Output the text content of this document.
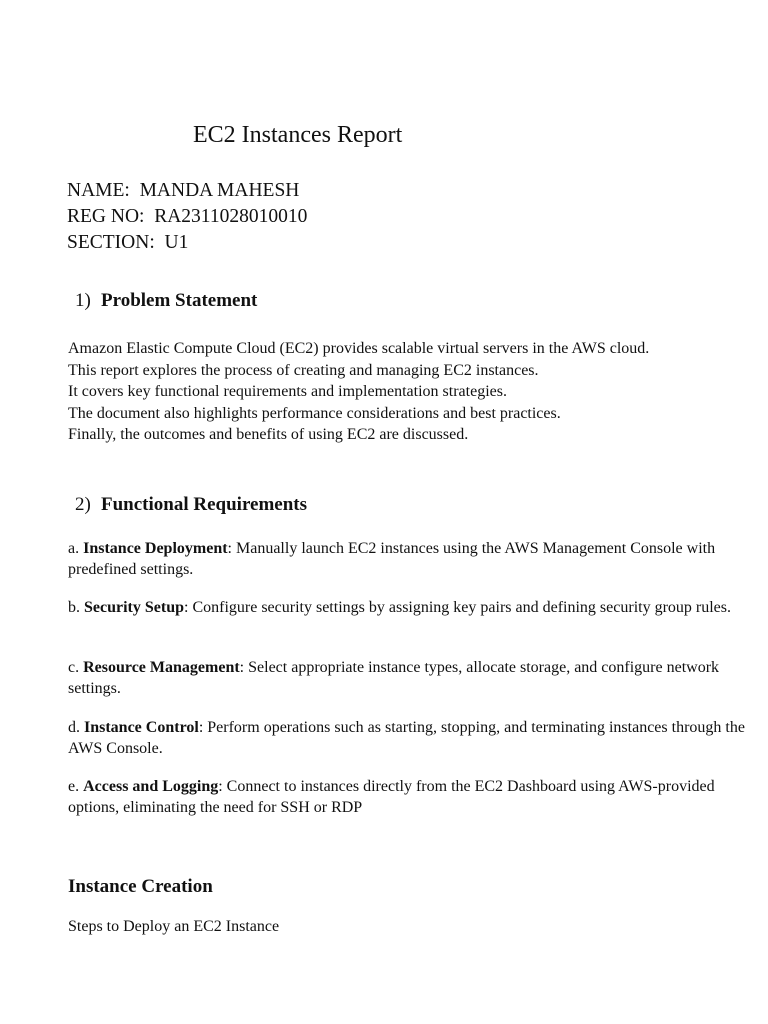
EC2 Instances Report

NAME:  MANDA MAHESH

REG NO:  RA2311028010010

SECTION:  U1

1) Problem Statement
Amazon Elastic Compute Cloud (EC2) provides scalable virtual servers in the AWS cloud.
This report explores the process of creating and managing EC2 instances.
It covers key functional requirements and implementation strategies.
The document also highlights performance considerations and best practices.
Finally, the outcomes and benefits of using EC2 are discussed.
2) Functional Requirements

a. Instance Deployment: Manually launch EC2 instances using the AWS Management Console with predefined settings.

b. Security Setup: Configure security settings by assigning key pairs and defining security group rules.

c. Resource Management: Select appropriate instance types, allocate storage, and configure network settings.

d. Instance Control: Perform operations such as starting, stopping, and terminating instances through the AWS Console.

e. Access and Logging: Connect to instances directly from the EC2 Dashboard using AWS-provided options, eliminating the need for SSH or RDP

Instance Creation

Steps to Deploy an EC2 Instance
